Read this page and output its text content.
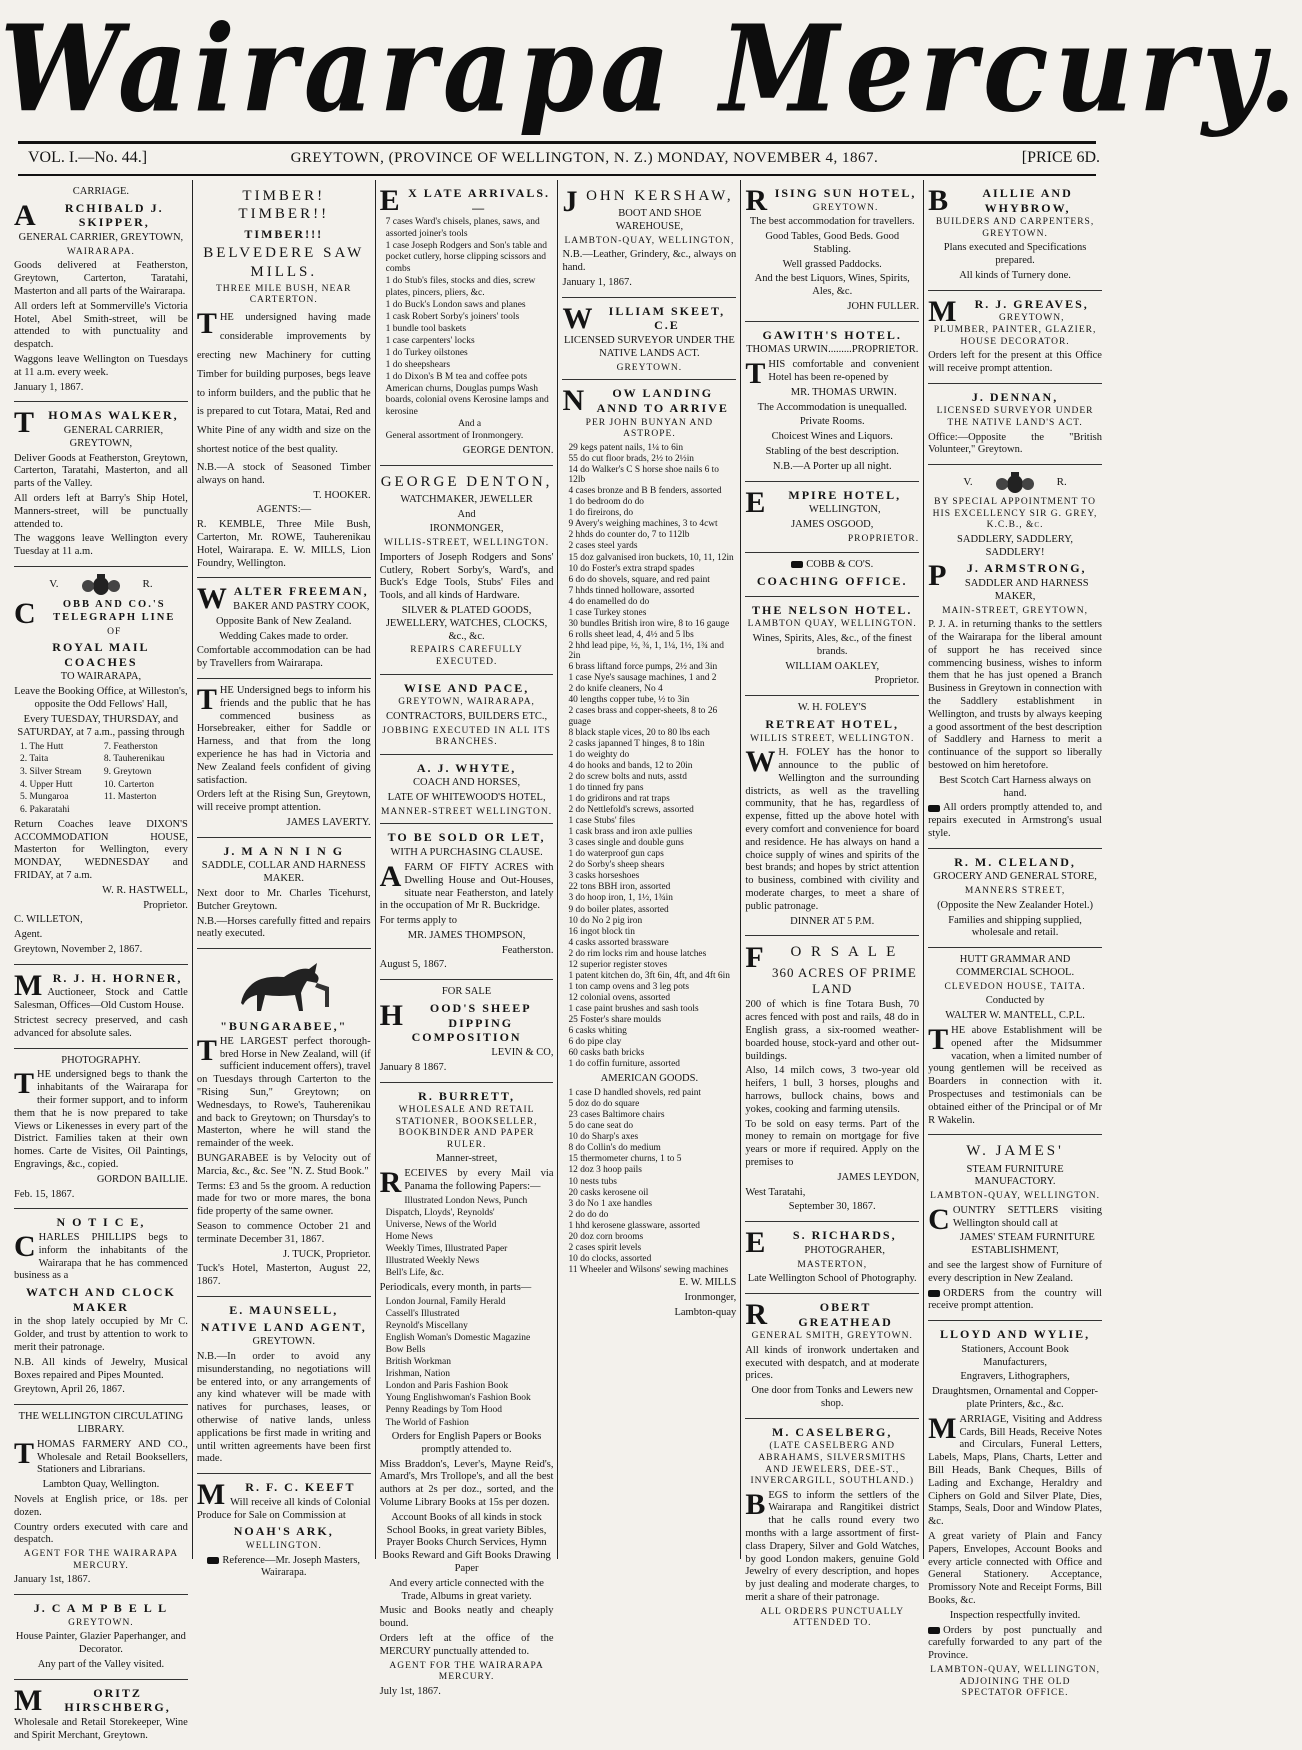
Wairarapa Mercury.
VOL. I.—No. 44.]	GREYTOWN, (PROVINCE OF WELLINGTON, N. Z.) MONDAY, NOVEMBER 4, 1867.	[PRICE 6D.
CARRIAGE.
A RCHIBALD J. SKIPPER,
GENERAL CARRIER, GREYTOWN,
WAIRARAPA.
Goods delivered at Featherston, Greytown, Carterton, Taratahi, Masterton and all parts of the Wairarapa.
All orders left at Sommerville's Victoria Hotel, Abel Smith-street, will be attended to with punctuality and despatch.
Waggons leave Wellington on Tuesdays at 11 a.m. every week.
January 1, 1867.
T HOMAS WALKER,
GENERAL CARRIER, GREYTOWN,
Deliver Goods at Featherston, Greytown, Carterton, Taratahi, Masterton, and all parts of the Valley.
All orders left at Barry's Ship Hotel, Manners-street, will be punctually attended to.
The waggons leave Wellington every Tuesday at 11 a.m.
V.	R.
C OBB AND CO.'S TELEGRAPH LINE
OF
ROYAL MAIL COACHES
TO WAIRARAPA,
Leave the Booking Office, at Willeston's, opposite the Odd Fellows' Hall,
Every TUESDAY, THURSDAY, and SATURDAY, at 7 a.m., passing through
1. The Hutt	7. Featherston
2. Taita	8. Tauherenikau
3. Silver Stream	9. Greytown
4. Upper Hutt	10. Carterton
5. Mungaroa	11. Masterton
6. Pakaratahi
Return Coaches leave DIXON'S ACCOMMODATION HOUSE, Masterton for Wellington, every MONDAY, WEDNESDAY and FRIDAY, at 7 a.m.
W. R. HASTWELL,
Proprietor.
C. WILLETON,
Agent.
Greytown, November 2, 1867.
M R. J. H. HORNER,
Auctioneer, Stock and Cattle Salesman, Offices—Old Custom House.
Strictest secrecy preserved, and cash advanced for absolute sales.
PHOTOGRAPHY.
THE undersigned begs to thank the inhabitants of the Wairarapa for their former support, and to inform them that he is now prepared to take Views or Likenesses in every part of the District. Families taken at their own homes. Carte de Visites, Oil Paintings, Engravings, &c., copied.
GORDON BAILLIE.
Feb. 15, 1867.
N O T I C E,
CHARLES PHILLIPS begs to inform the inhabitants of the Wairarapa that he has commenced business as a
WATCH AND CLOCK MAKER
in the shop lately occupied by Mr C. Golder, and trust by attention to work to merit their patronage.
N.B. All kinds of Jewelry, Musical Boxes repaired and Pipes Mounted.
Greytown, April 26, 1867.
THE WELLINGTON CIRCULATING LIBRARY.
THOMAS FARMERY AND CO., Wholesale and Retail Booksellers, Stationers and Librarians.
Lambton Quay, Wellington.
Novels at English price, or 18s. per dozen.
Country orders executed with care and despatch.
AGENT FOR THE WAIRARAPA MERCURY.
January 1st, 1867.
J. C A M P B E L L
GREYTOWN.
House Painter, Glazier Paperhanger, and Decorator.
Any part of the Valley visited.
M	ORITZ HIRSCHBERG,
Wholesale and Retail Storekeeper, Wine and Spirit Merchant, Greytown.
TIMBER! TIMBER!!
TIMBER!!!
BELVEDERE SAW MILLS.
THREE MILE BUSH, NEAR CARTERTON.
THE undersigned having made considerable improvements by erecting new Machinery for cutting Timber for building purposes, begs leave to inform builders, and the public that he is prepared to cut Totara, Matai, Red and White Pine of any width and size on the shortest notice of the best quality.
N.B.—A stock of Seasoned Timber always on hand.
T. HOOKER.
AGENTS:—
R. KEMBLE, Three Mile Bush, Carterton, Mr. ROWE, Tauherenikau Hotel, Wairarapa. E. W. MILLS, Lion Foundry, Wellington.
WALTER FREEMAN,
BAKER AND PASTRY COOK,
Opposite Bank of New Zealand.
Wedding Cakes made to order.
Comfortable accommodation can be had by Travellers from Wairarapa.
THE Undersigned begs to inform his friends and the public that he has commenced business as Horsebreaker, either for Saddle or Harness, and that from the long experience he has had in Victoria and New Zealand feels confident of giving satisfaction.
Orders left at the Rising Sun, Greytown, will receive prompt attention.
JAMES LAVERTY.
J. M A N N I N G
SADDLE, COLLAR AND HARNESS MAKER.
Next door to Mr. Charles Ticehurst, Butcher Greytown.
N.B.—Horses carefully fitted and repairs neatly executed.
"BUNGARABEE,"
THE LARGEST perfect thorough-bred Horse in New Zealand, will (if sufficient inducement offers), travel on Tuesdays through Carterton to the "Rising Sun," Greytown; on Wednesdays, to Rowe's, Tauherenikau and back to Greytown; on Thursday's to Masterton, where he will stand the remainder of the week.
BUNGARABEE is by Velocity out of Marcia, &c., &c. See "N. Z. Stud Book."
Terms: £3 and 5s the groom. A reduction made for two or more mares, the bona fide property of the same owner.
Season to commence October 21 and terminate December 31, 1867.
J. TUCK, Proprietor.
Tuck's Hotel, Masterton, August 22, 1867.
E. MAUNSELL,
NATIVE LAND AGENT,
GREYTOWN.
N.B.—In order to avoid any misunderstanding, no negotiations will be entered into, or any arrangements of any kind whatever will be made with natives for purchases, leases, or otherwise of native lands, unless applications be first made in writing and until written agreements have been first made.
M R. F. C. KEEFT
Will receive all kinds of Colonial Produce for Sale on Commission at
NOAH'S ARK,
WELLINGTON.
Reference—Mr. Joseph Masters, Wairarapa.
E X LATE ARRIVALS.—
7 cases Ward's chisels, planes, saws, and assorted joiner's tools
1 case Joseph Rodgers and Son's table and pocket cutlery, horse clipping scissors and combs
1 do Stub's files, stocks and dies, screw plates, pincers, pliers, &c.
1 do Buck's London saws and planes
1 cask Robert Sorby's joiners' tools
1 bundle tool baskets
1 case carpenters' locks
1 do Turkey oilstones
1 do sheepshears
1 do Dixon's B M tea and coffee pots American churns, Douglas pumps Wash boards, colonial ovens Kerosine lamps and kerosine
And a
General assortment of Ironmongery.
GEORGE DENTON.
GEORGE DENTON,
WATCHMAKER, JEWELLER
And
IRONMONGER,
WILLIS-STREET, WELLINGTON.
Importers of Joseph Rodgers and Sons' Cutlery, Robert Sorby's, Ward's, and Buck's Edge Tools, Stubs' Files and Tools, and all kinds of Hardware.
SILVER & PLATED GOODS, JEWELLERY, WATCHES, CLOCKS, &c., &c.
REPAIRS CAREFULLY EXECUTED.
WISE AND PACE,
GREYTOWN, WAIRARAPA,
CONTRACTORS, BUILDERS ETC.,
JOBBING EXECUTED IN ALL ITS BRANCHES.
A. J. WHYTE,
COACH AND HORSES,
LATE OF WHITEWOOD'S HOTEL,
MANNER-STREET WELLINGTON.
TO BE SOLD OR LET,
WITH A PURCHASING CLAUSE.
AFARM OF FIFTY ACRES with Dwelling House and Out-Houses, situate near Featherston, and lately in the occupation of Mr R. Buckridge.
For terms apply to
MR. JAMES THOMPSON,
Featherston.
August 5, 1867.
FOR SALE
H OOD'S SHEEP DIPPING COMPOSITION
LEVIN & CO,
January 8 1867.
R. BURRETT,
WHOLESALE AND RETAIL STATIONER, BOOKSELLER,
BOOKBINDER AND PAPER RULER.
Manner-street,
RECEIVES by every Mail via Panama the following Papers:—
Illustrated London News, Punch
Dispatch, Lloyds', Reynolds'
Universe, News of the World
Home News
Weekly Times, Illustrated Paper
Illustrated Weekly News
Bell's Life, &c.
Periodicals, every month, in parts—
London Journal, Family Herald
Cassell's Illustrated
Reynold's Miscellany
English Woman's Domestic Magazine
Bow Bells
British Workman
Irishman, Nation
London and Paris Fashion Book
Young Englishwoman's Fashion Book
Penny Readings by Tom Hood
The World of Fashion
Orders for English Papers or Books promptly attended to.
Miss Braddon's, Lever's, Mayne Reid's, Amard's, Mrs Trollope's, and all the best authors at 2s per doz., sorted, and the Volume Library Books at 15s per dozen.
Account Books of all kinds in stock School Books, in great variety Bibles, Prayer Books Church Services, Hymn Books Reward and Gift Books Drawing Paper
And every article connected with the Trade, Albums in great variety.
Music and Books neatly and cheaply bound.
Orders left at the office of the MERCURY punctually attended to.
AGENT FOR THE WAIRARAPA MERCURY.
July 1st, 1867.
JOHN KERSHAW,
BOOT AND SHOE WAREHOUSE,
LAMBTON-QUAY, WELLINGTON,
N.B.—Leather, Grindery, &c., always on hand.
January 1, 1867.
W ILLIAM SKEET, C.E
LICENSED SURVEYOR UNDER THE NATIVE LANDS ACT.
GREYTOWN.
N OW LANDING ANND TO ARRIVE
PER JOHN BUNYAN AND ASTROPE.
29 kegs patent nails, 1¼ to 6in
55 do cut floor brads, 2½ to 2½in
14 do Walker's C S horse shoe nails 6 to 12lb
4 cases bronze and B B fenders, assorted
1 do bedroom do do
1 do fireirons, do
9 Avery's weighing machines, 3 to 4cwt
2 hhds do counter do, 7 to 112lb
2 cases steel yards
15 doz galvanised iron buckets, 10, 11, 12in
10 do Foster's extra strapd spades
6 do do shovels, square, and red paint
7 hhds tinned holloware, assorted
4 do enamelled do do
1 case Turkey stones
30 bundles British iron wire, 8 to 16 gauge
6 rolls sheet lead, 4, 4½ and 5 lbs
2 hhd lead pipe, ½, ¾, 1, 1¼, 1½, 1¾ and 2in
6 brass liftand force pumps, 2½ and 3in
1 case Nye's sausage machines, 1 and 2
2 do knife cleaners, No 4
40 lengths copper tube, ½ to 3in
2 cases brass and copper-sheets, 8 to 26 guage
8 black staple vices, 20 to 80 lbs each
2 casks japanned T hinges, 8 to 18in
1 do weighty do
4 do hooks and bands, 12 to 20in
2 do screw bolts and nuts, asstd
1 do tinned fry pans
1 do gridirons and rat traps
2 do Nettlefold's screws, assorted
1 case Stubs' files
1 cask brass and iron axle pullies
3 cases single and double guns
1 do waterproof gun caps
2 do Sorby's sheep shears
3 casks horseshoes
22 tons BBH iron, assorted
3 do hoop iron, 1, 1½, 1¾in
9 do boiler plates, assorted
10 do No 2 pig iron
16 ingot block tin
4 casks assorted brassware
2 do rim locks rim and house latches
12 superior register stoves
1 patent kitchen do, 3ft 6in, 4ft, and 4ft 6in
1 ton camp ovens and 3 leg pots
12 colonial ovens, assorted
1 case paint brushes and sash tools
25 Foster's share moulds
6 casks whiting
6 do pipe clay
60 casks bath bricks
1 do coffin furniture, assorted
AMERICAN GOODS.
1 case D handled shovels, red paint
5 doz do do square
23 cases Baltimore chairs
5 do cane seat do
10 do Sharp's axes
8 do Collin's do medium
15 thermometer churns, 1 to 5
12 doz 3 hoop pails
10 nests tubs
20 casks kerosene oil
3 do No 1 axe handles
2 do do do
1 hhd kerosene glassware, assorted
20 doz corn brooms
2 cases spirit levels
10 do clocks, assorted
11 Wheeler and Wilsons' sewing machines
E. W. MILLS
Ironmonger,
Lambton-quay
RISING SUN HOTEL,
GREYTOWN.
The best accommodation for travellers.
Good Tables, Good Beds. Good Stabling.
Well grassed Paddocks.
And the best Liquors, Wines, Spirits, Ales, &c.
JOHN FULLER.
GAWITH'S HOTEL.
THOMAS URWIN.........PROPRIETOR.
THIS comfortable and convenient Hotel has been re-opened by
MR. THOMAS URWIN.
The Accommodation is unequalled.
Private Rooms.
Choicest Wines and Liquors.
Stabling of the best description.
N.B.—A Porter up all night.
E MPIRE HOTEL,
WELLINGTON,
JAMES OSGOOD,
PROPRIETOR.
COBB & CO'S.
COACHING OFFICE.
THE NELSON HOTEL.
LAMBTON QUAY, WELLINGTON.
Wines, Spirits, Ales, &c., of the finest brands.
WILLIAM OAKLEY,
Proprietor.
W. H. FOLEY'S
RETREAT HOTEL,
WILLIS STREET, WELLINGTON.
W H. FOLEY has the honor to announce to the public of Wellington and the surrounding districts, as well as the travelling community, that he has, regardless of expense, fitted up the above hotel with every comfort and convenience for board and residence. He has always on hand a choice supply of wines and spirits of the best brands; and hopes by strict attention to business, combined with civility and moderate charges, to meet a share of public patronage.
DINNER AT 5 P.M.
F O R S A L E
360 ACRES OF PRIME LAND
200 of which is fine Totara Bush, 70 acres fenced with post and rails, 48 do in English grass, a six-roomed weather-boarded house, stock-yard and other out-buildings.
Also, 14 milch cows, 3 two-year old heifers, 1 bull, 3 horses, ploughs and harrows, bullock chains, bows and yokes, cooking and farming utensils.
To be sold on easy terms. Part of the money to remain on mortgage for five years or more if required. Apply on the premises to
JAMES LEYDON,
West Taratahi,
September 30, 1867.
E S. RICHARDS,
PHOTOGRAHER,
MASTERTON,
Late Wellington School of Photography.
R	OBERT GREATHEAD
GENERAL SMITH, GREYTOWN.
All kinds of ironwork undertaken and executed with despatch, and at moderate prices.
One door from Tonks and Lewers new shop.
M. CASELBERG,
(LATE CASELBERG AND ABRAHAMS, SILVERSMITHS AND JEWELERS, DEE-ST., INVERCARGILL, SOUTHLAND.)
BEGS to inform the settlers of the Wairarapa and Rangitikei district that he calls round every two months with a large assortment of first-class Drapery, Silver and Gold Watches, by good London makers, genuine Gold Jewelry of every description, and hopes by just dealing and moderate charges, to merit a share of their patronage.
ALL ORDERS PUNCTUALLY ATTENDED TO.
B	AILLIE AND WHYBROW,
BUILDERS AND CARPENTERS, GREYTOWN.
Plans executed and Specifications prepared.
All kinds of Turnery done.
M R. J. GREAVES,
GREYTOWN,
PLUMBER, PAINTER, GLAZIER, HOUSE DECORATOR.
Orders left for the present at this Office will receive prompt attention.
J. DENNAN,
LICENSED SURVEYOR UNDER THE NATIVE LAND'S ACT.
Office:—Opposite the "British Volunteer," Greytown.
V.	R.
BY SPECIAL APPOINTMENT TO HIS EXCELLENCY SIR G. GREY, K.C.B., &c.
SADDLERY, SADDLERY, SADDLERY!
P J. ARMSTRONG,
SADDLER AND HARNESS MAKER,
MAIN-STREET, GREYTOWN,
P. J. A. in returning thanks to the settlers of the Wairarapa for the liberal amount of support he has received since commencing business, wishes to inform them that he has just opened a Branch Business in Greytown in connection with the Saddlery establishment in Wellington, and trusts by always keeping a good assortment of the best description of Saddlery and Harness to merit a continuance of the support so liberally bestowed on him heretofore.
Best Scotch Cart Harness always on hand.
All orders promptly attended to, and repairs executed in Armstrong's usual style.
R. M. CLELAND,
GROCERY AND GENERAL STORE,
MANNERS STREET,
(Opposite the New Zealander Hotel.)
Families and shipping supplied, wholesale and retail.
HUTT GRAMMAR AND COMMERCIAL SCHOOL.
CLEVEDON HOUSE, TAITA.
Conducted by
WALTER W. MANTELL, C.P.L.
THE above Establishment will be opened after the Midsummer vacation, when a limited number of young gentlemen will be received as Boarders in connection with it. Prospectuses and testimonials can be obtained either of the Principal or of Mr R Wakelin.
W. JAMES'
STEAM FURNITURE MANUFACTORY.
LAMBTON-QUAY, WELLINGTON.
COUNTRY SETTLERS visiting Wellington should call at
JAMES' STEAM FURNITURE ESTABLISHMENT,
and see the largest show of Furniture of every description in New Zealand.
ORDERS from the country will receive prompt attention.
LLOYD AND WYLIE,
Stationers, Account Book Manufacturers,
Engravers, Lithographers,
Draughtsmen, Ornamental and Copper-plate Printers, &c., &c.
MARRIAGE, Visiting and Address Cards, Bill Heads, Receive Notes and Circulars, Funeral Letters, Labels, Maps, Plans, Charts, Letter and Bill Heads, Bank Cheques, Bills of Lading and Exchange, Heraldry and Ciphers on Gold and Silver Plate, Dies, Stamps, Seals, Door and Window Plates, &c.
A great variety of Plain and Fancy Papers, Envelopes, Account Books and every article connected with Office and General Stationery. Acceptance, Promissory Note and Receipt Forms, Bill Books, &c.
Inspection respectfully invited.
Orders by post punctually and carefully forwarded to any part of the Province.
LAMBTON-QUAY, WELLINGTON, ADJOINING THE OLD SPECTATOR OFFICE.
